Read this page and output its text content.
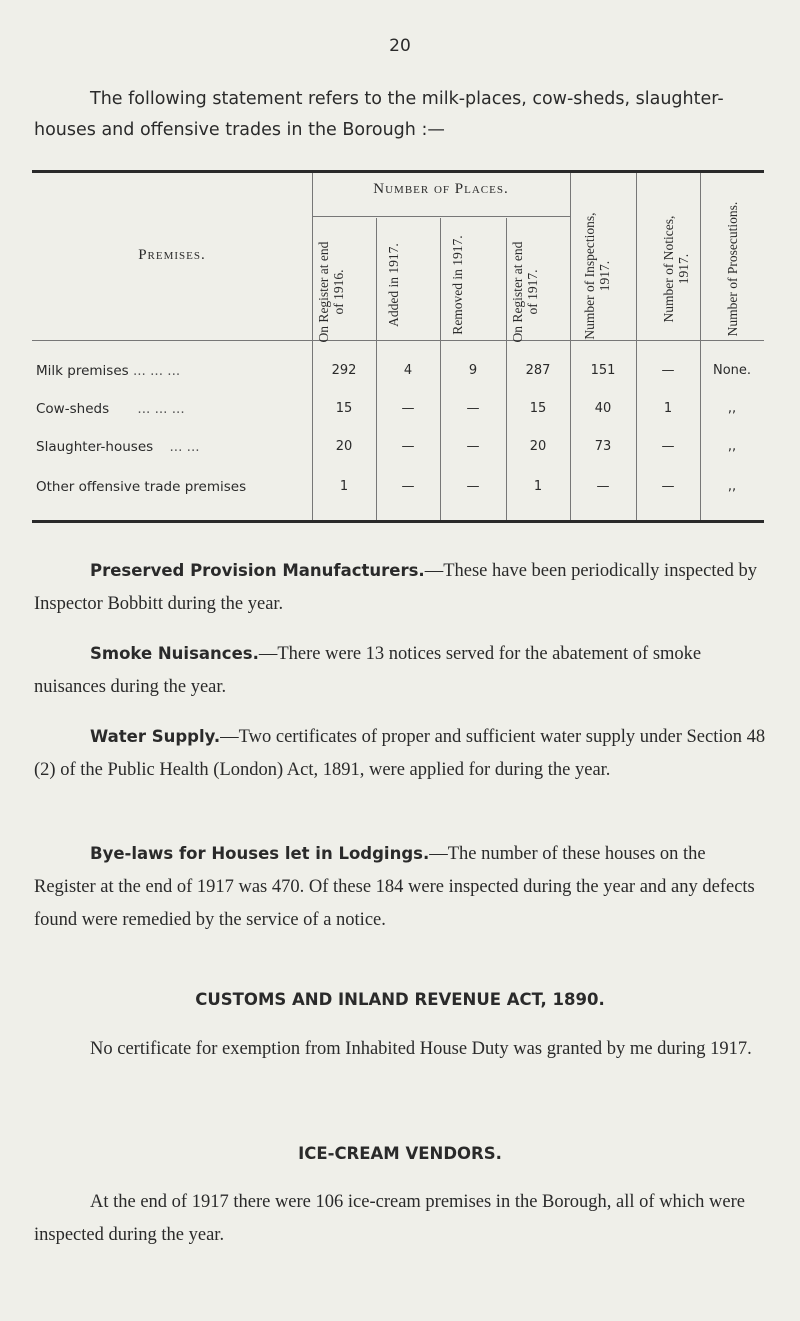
20
The following statement refers to the milk-places, cow-sheds, slaughter-houses and offensive trades in the Borough :—
Premises.
Number of Places.
On Register at end of 1916.	Added in 1917.	Removed in 1917.	On Register at end of 1917.	Number of Inspections, 1917.	Number of Notices, 1917.	Number of Prosecutions.
Milk premises ... ... ...	292	4	9	287	151	—	None.
Cow-sheds ... ... ...	15	—	—	15	40	1	,,
Slaughter-houses ... ...	20	—	—	20	73	—	,,
Other offensive trade premises	1	—	—	1	—	—	,,
Preserved Provision Manufacturers.—These have been periodically inspected by Inspector Bobbitt during the year.
Smoke Nuisances.—There were 13 notices served for the abatement of smoke nuisances during the year.
Water Supply.—Two certificates of proper and sufficient water supply under Section 48 (2) of the Public Health (London) Act, 1891, were applied for during the year.
Bye-laws for Houses let in Lodgings.—The number of these houses on the Register at the end of 1917 was 470. Of these 184 were inspected during the year and any defects found were remedied by the service of a notice.
CUSTOMS AND INLAND REVENUE ACT, 1890.
No certificate for exemption from Inhabited House Duty was granted by me during 1917.
ICE-CREAM VENDORS.
At the end of 1917 there were 106 ice-cream premises in the Borough, all of which were inspected during the year.
